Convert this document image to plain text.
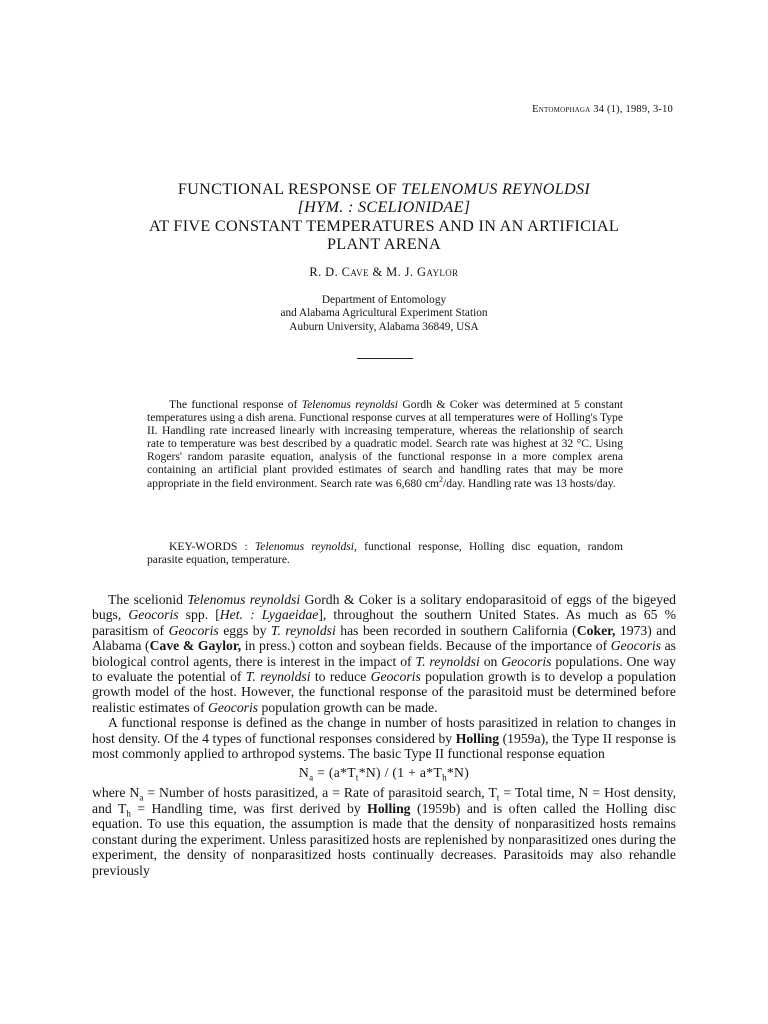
Entomophaga 34 (1), 1989, 3-10
FUNCTIONAL RESPONSE OF TELENOMUS REYNOLDSI
[HYM. : SCELIONIDAE]
AT FIVE CONSTANT TEMPERATURES AND IN AN ARTIFICIAL
PLANT ARENA
R. D. Cave & M. J. Gaylor
Department of Entomology
and Alabama Agricultural Experiment Station
Auburn University, Alabama 36849, USA

The functional response of Telenomus reynoldsi Gordh & Coker was determined at 5 constant temperatures using a dish arena. Functional response curves at all temperatures were of Holling's Type II. Handling rate increased linearly with increasing temperature, whereas the relationship of search rate to temperature was best described by a quadratic model. Search rate was highest at 32 °C. Using Rogers' random parasite equation, analysis of the functional response in a more complex arena containing an artificial plant provided estimates of search and handling rates that may be more appropriate in the field environment. Search rate was 6,680 $cm^2$/day. Handling rate was 13 hosts/day.

KEY-WORDS : Telenomus reynoldsi, functional response, Holling disc equation, random parasite equation, temperature.

The scelionid Telenomus reynoldsi Gordh & Coker is a solitary endoparasitoid of eggs of the bigeyed bugs, Geocoris spp. [Het. : Lygaeidae], throughout the southern United States. As much as 65 % parasitism of Geocoris eggs by T. reynoldsi has been recorded in southern California (Coker, 1973) and Alabama (Cave & Gaylor, in press.) cotton and soybean fields. Because of the importance of Geocoris as biological control agents, there is interest in the impact of T. reynoldsi on Geocoris populations. One way to evaluate the potential of T. reynoldsi to reduce Geocoris population growth is to develop a population growth model of the host. However, the functional response of the parasitoid must be determined before realistic estimates of Geocoris population growth can be made.

A functional response is defined as the change in number of hosts parasitized in relation to changes in host density. Of the 4 types of functional responses considered by Holling (1959a), the Type II response is most commonly applied to arthropod systems. The basic Type II functional response equation

$N_a = (a*T_t*N) / (1 + a*T_h*N)$

where $N_a$ = Number of hosts parasitized, a = Rate of parasitoid search, $T_t$ = Total time, N = Host density, and $T_h$ = Handling time, was first derived by Holling (1959b) and is often called the Holling disc equation. To use this equation, the assumption is made that the density of nonparasitized hosts remains constant during the experiment. Unless parasitized hosts are replenished by nonparasitized ones during the experiment, the density of nonparasitized hosts continually decreases. Parasitoids may also rehandle previously
